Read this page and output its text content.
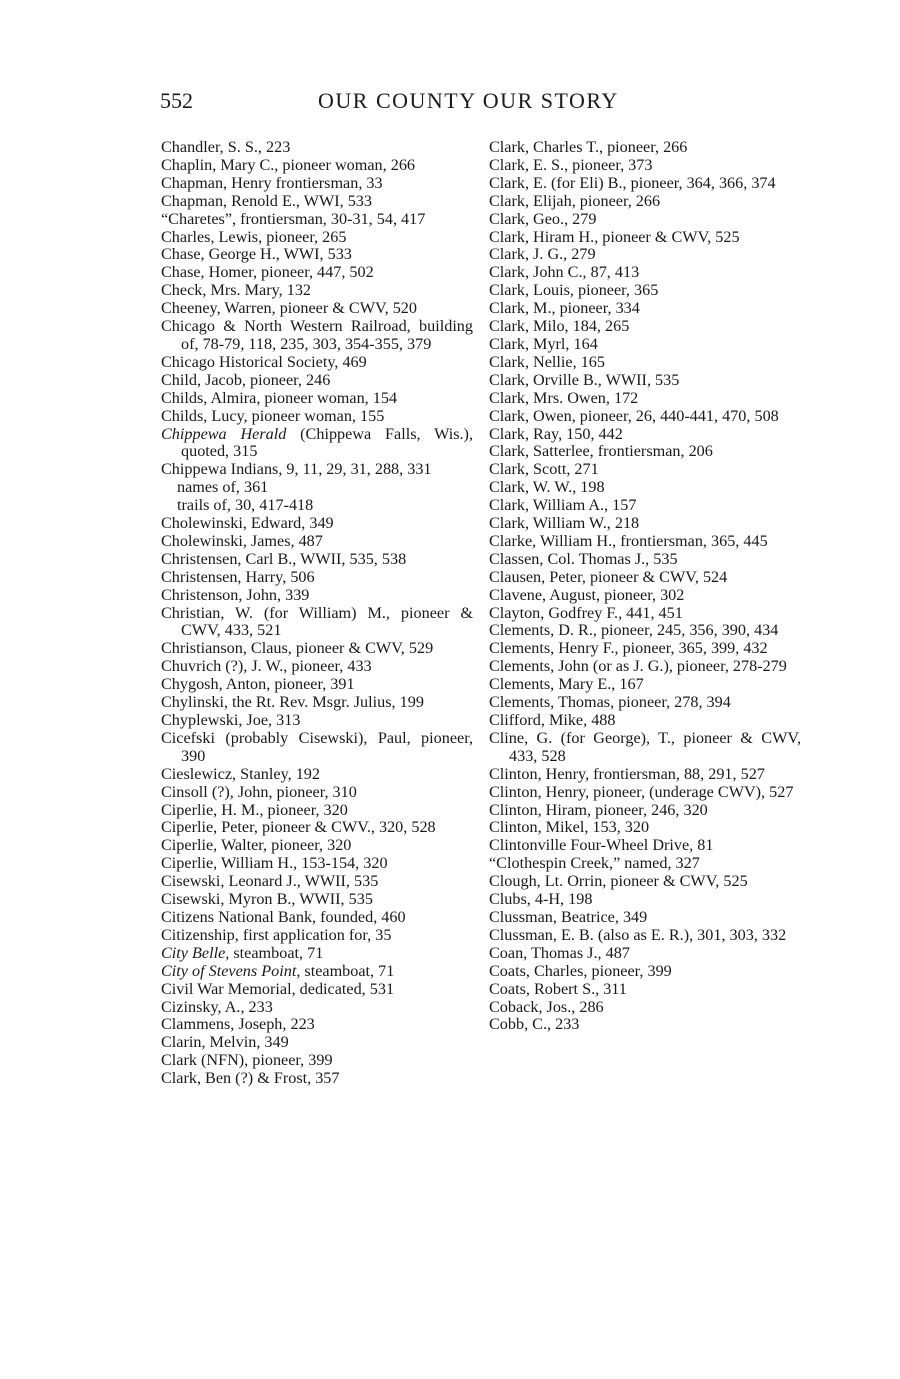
552	OUR COUNTY OUR STORY

Chandler, S. S., 223

Chaplin, Mary C., pioneer woman, 266

Chapman, Henry frontiersman, 33

Chapman, Renold E., WWI, 533

“Charetes”, frontiersman, 30-31, 54, 417

Charles, Lewis, pioneer, 265

Chase, George H., WWI, 533

Chase, Homer, pioneer, 447, 502

Check, Mrs. Mary, 132

Cheeney, Warren, pioneer & CWV, 520

Chicago & North Western Railroad, building of, 78-79, 118, 235, 303, 354-355, 379

Chicago Historical Society, 469

Child, Jacob, pioneer, 246

Childs, Almira, pioneer woman, 154

Childs, Lucy, pioneer woman, 155

Chippewa Herald (Chippewa Falls, Wis.), quoted, 315

Chippewa Indians, 9, 11, 29, 31, 288, 331

names of, 361

trails of, 30, 417-418

Cholewinski, Edward, 349

Cholewinski, James, 487

Christensen, Carl B., WWII, 535, 538

Christensen, Harry, 506

Christenson, John, 339

Christian, W. (for William) M., pioneer & CWV, 433, 521

Christianson, Claus, pioneer & CWV, 529

Chuvrich (?), J. W., pioneer, 433

Chygosh, Anton, pioneer, 391

Chylinski, the Rt. Rev. Msgr. Julius, 199

Chyplewski, Joe, 313

Cicefski (probably Cisewski), Paul, pioneer, 390

Cieslewicz, Stanley, 192

Cinsoll (?), John, pioneer, 310

Ciperlie, H. M., pioneer, 320

Ciperlie, Peter, pioneer & CWV., 320, 528

Ciperlie, Walter, pioneer, 320

Ciperlie, William H., 153-154, 320

Cisewski, Leonard J., WWII, 535

Cisewski, Myron B., WWII, 535

Citizens National Bank, founded, 460

Citizenship, first application for, 35

City Belle, steamboat, 71

City of Stevens Point, steamboat, 71

Civil War Memorial, dedicated, 531

Cizinsky, A., 233

Clammens, Joseph, 223

Clarin, Melvin, 349

Clark (NFN), pioneer, 399

Clark, Ben (?) & Frost, 357

Clark, Charles T., pioneer, 266

Clark, E. S., pioneer, 373

Clark, E. (for Eli) B., pioneer, 364, 366, 374

Clark, Elijah, pioneer, 266

Clark, Geo., 279

Clark, Hiram H., pioneer & CWV, 525

Clark, J. G., 279

Clark, John C., 87, 413

Clark, Louis, pioneer, 365

Clark, M., pioneer, 334

Clark, Milo, 184, 265

Clark, Myrl, 164

Clark, Nellie, 165

Clark, Orville B., WWII, 535

Clark, Mrs. Owen, 172

Clark, Owen, pioneer, 26, 440-441, 470, 508

Clark, Ray, 150, 442

Clark, Satterlee, frontiersman, 206

Clark, Scott, 271

Clark, W. W., 198

Clark, William A., 157

Clark, William W., 218

Clarke, William H., frontiersman, 365, 445

Classen, Col. Thomas J., 535

Clausen, Peter, pioneer & CWV, 524

Clavene, August, pioneer, 302

Clayton, Godfrey F., 441, 451

Clements, D. R., pioneer, 245, 356, 390, 434

Clements, Henry F., pioneer, 365, 399, 432

Clements, John (or as J. G.), pioneer, 278-279

Clements, Mary E., 167

Clements, Thomas, pioneer, 278, 394

Clifford, Mike, 488

Cline, G. (for George), T., pioneer & CWV, 433, 528

Clinton, Henry, frontiersman, 88, 291, 527

Clinton, Henry, pioneer, (underage CWV), 527

Clinton, Hiram, pioneer, 246, 320

Clinton, Mikel, 153, 320

Clintonville Four-Wheel Drive, 81

“Clothespin Creek,” named, 327

Clough, Lt. Orrin, pioneer & CWV, 525

Clubs, 4-H, 198

Clussman, Beatrice, 349

Clussman, E. B. (also as E. R.), 301, 303, 332

Coan, Thomas J., 487

Coats, Charles, pioneer, 399

Coats, Robert S., 311

Coback, Jos., 286

Cobb, C., 233
